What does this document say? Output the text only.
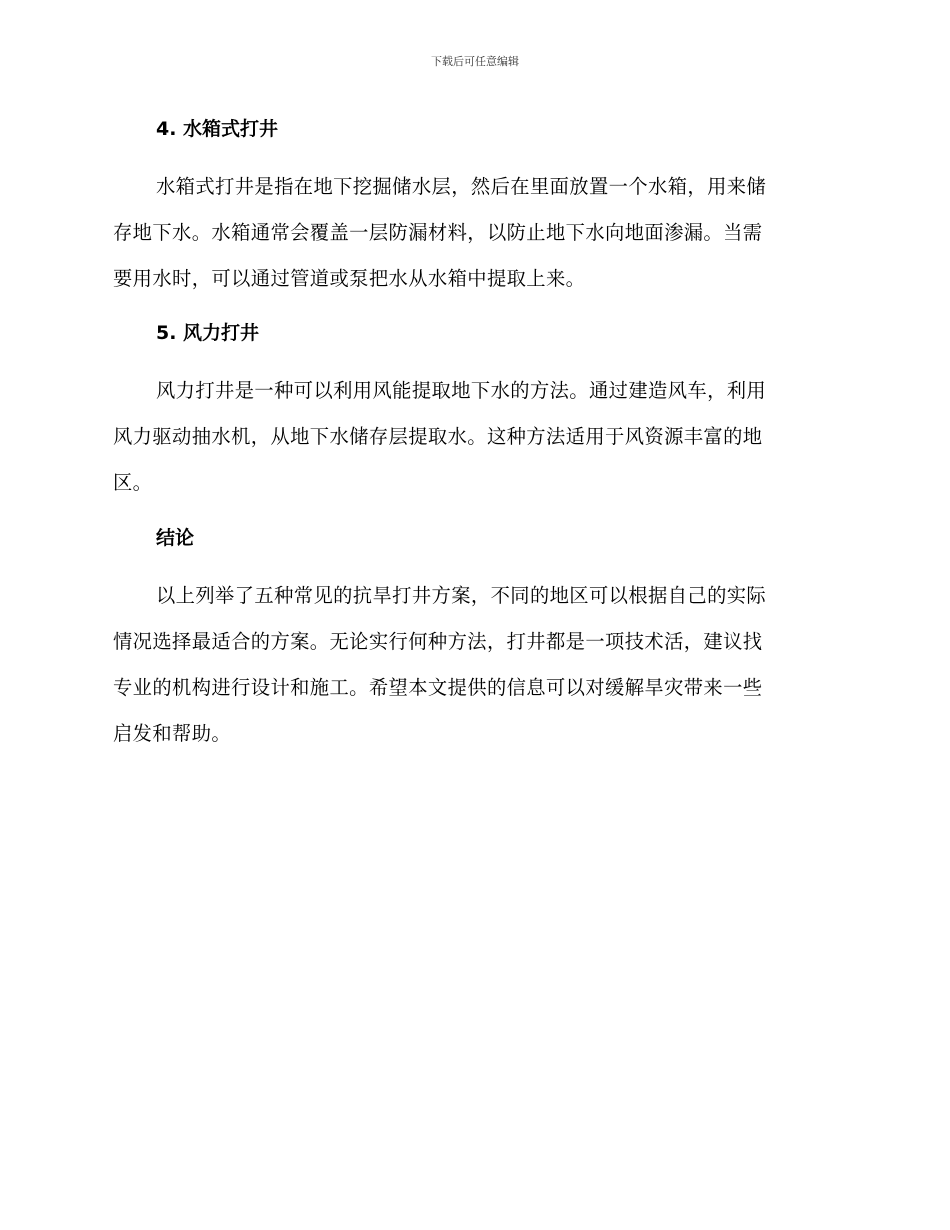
下载后可任意编辑
4. 水箱式打井
水箱式打井是指在地下挖掘储水层，然后在里面放置一个水箱，用来储
存地下水。水箱通常会覆盖一层防漏材料，以防止地下水向地面渗漏。当需
要用水时，可以通过管道或泵把水从水箱中提取上来。
5. 风力打井
风力打井是一种可以利用风能提取地下水的方法。通过建造风车，利用
风力驱动抽水机，从地下水储存层提取水。这种方法适用于风资源丰富的地
区。
结论
以上列举了五种常见的抗旱打井方案，不同的地区可以根据自己的实际
情况选择最适合的方案。无论实行何种方法，打井都是一项技术活，建议找
专业的机构进行设计和施工。希望本文提供的信息可以对缓解旱灾带来一些
启发和帮助。
